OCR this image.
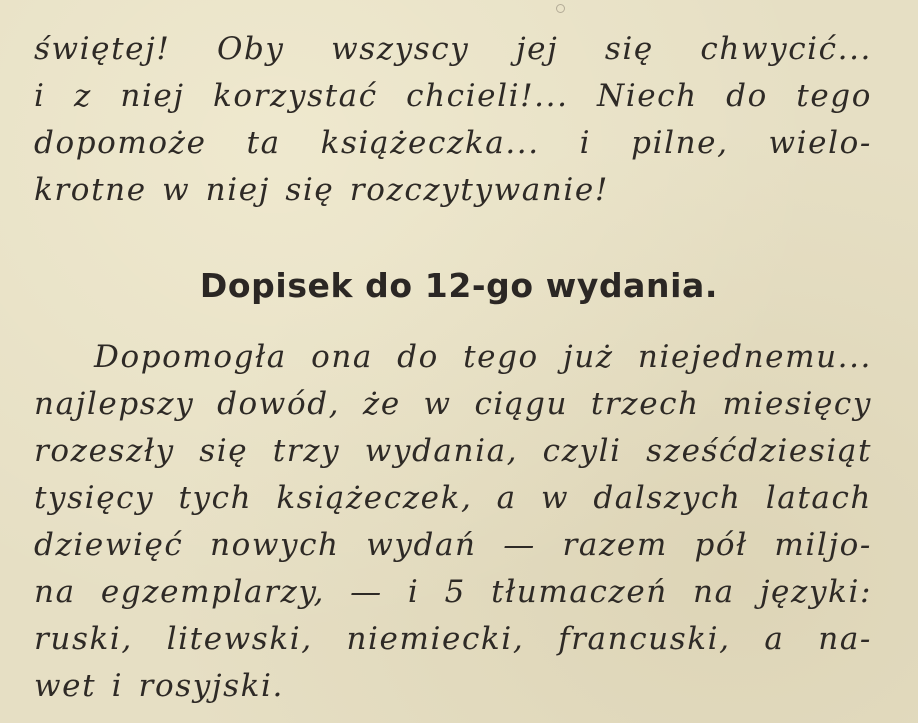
świętej! Oby wszyscy jej się chwycić...
i z niej korzystać chcieli!... Niech do tego
dopomoże ta książeczka... i pilne, wielo-
krotne w niej się rozczytywanie!

Dopisek do 12-go wydania.

Dopomogła ona do tego już niejednemu...
najlepszy dowód, że w ciągu trzech miesięcy
rozeszły się trzy wydania, czyli sześćdziesiąt
tysięcy tych książeczek, a w dalszych latach
dziewięć nowych wydań — razem pół miljo-
na egzemplarzy, — i 5 tłumaczeń na języki:
ruski, litewski, niemiecki, francuski, a na-
wet i rosyjski.
